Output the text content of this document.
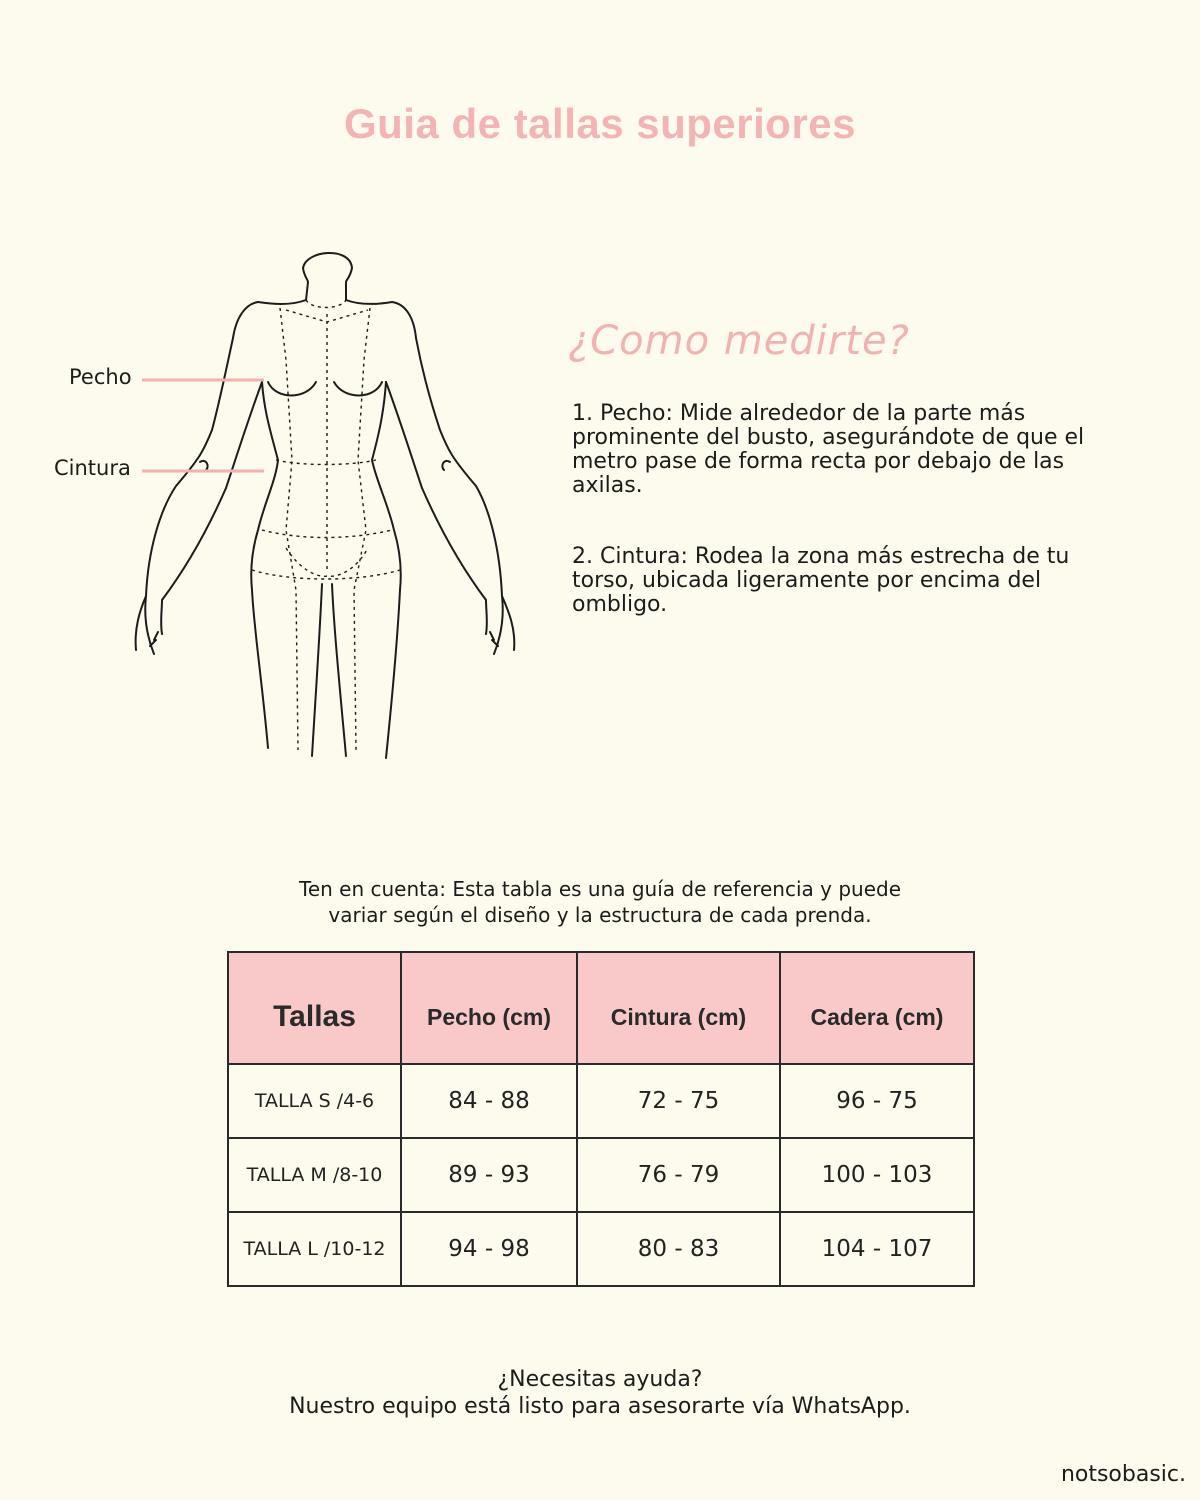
Guia de tallas superiores
Pecho
Cintura
¿Como medirte?
1. Pecho: Mide alrededor de la parte más prominente del busto, asegurándote de que el metro pase de forma recta por debajo de las axilas.
2. Cintura: Rodea la zona más estrecha de tu torso, ubicada ligeramente por encima del ombligo.
Ten en cuenta: Esta tabla es una guía de referencia y puede
variar según el diseño y la estructura de cada prenda.
Tallas	Pecho (cm)	Cintura (cm)	Cadera (cm)
TALLA S /4-6	84 - 88	72 - 75	96 - 75
TALLA M /8-10	89 - 93	76 - 79	100 - 103
TALLA L /10-12	94 - 98	80 - 83	104 - 107
¿Necesitas ayuda?
Nuestro equipo está listo para asesorarte vía WhatsApp.
notsobasic.
